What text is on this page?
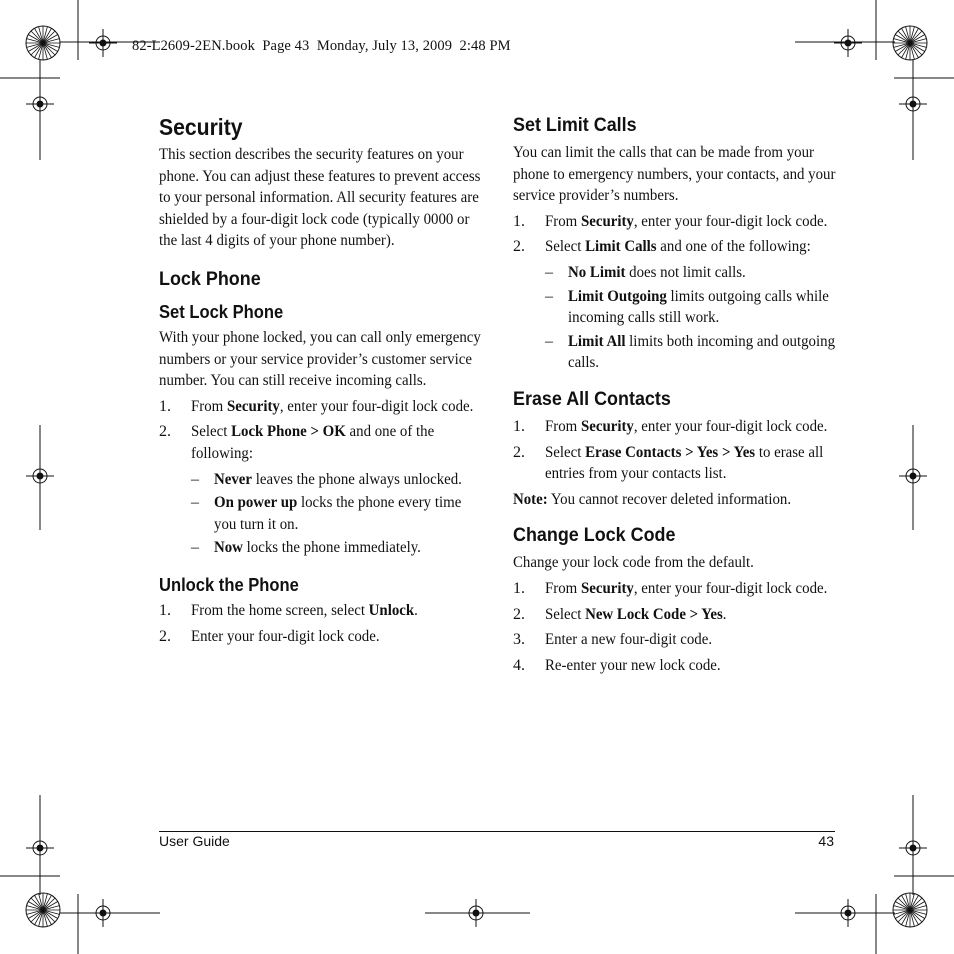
82-L2609-2EN.book  Page 43  Monday, July 13, 2009  2:48 PM
Security
This section describes the security features on your phone. You can adjust these features to prevent access to your personal information. All security features are shielded by a four-digit lock code (typically 0000 or the last 4 digits of your phone number).
Lock Phone
Set Lock Phone
With your phone locked, you can call only emergency numbers or your service provider’s customer service number. You can still receive incoming calls.
1. From Security, enter your four-digit lock code.
2. Select Lock Phone > OK and one of the following:
– Never leaves the phone always unlocked.
– On power up locks the phone every time you turn it on.
– Now locks the phone immediately.
Unlock the Phone
1. From the home screen, select Unlock.
2. Enter your four-digit lock code.
Set Limit Calls
You can limit the calls that can be made from your phone to emergency numbers, your contacts, and your service provider’s numbers.
1. From Security, enter your four-digit lock code.
2. Select Limit Calls and one of the following:
– No Limit does not limit calls.
– Limit Outgoing limits outgoing calls while incoming calls still work.
– Limit All limits both incoming and outgoing calls.
Erase All Contacts
1. From Security, enter your four-digit lock code.
2. Select Erase Contacts > Yes > Yes to erase all entries from your contacts list.
Note: You cannot recover deleted information.
Change Lock Code
Change your lock code from the default.
1. From Security, enter your four-digit lock code.
2. Select New Lock Code > Yes.
3. Enter a new four-digit code.
4. Re-enter your new lock code.
User Guide	43
